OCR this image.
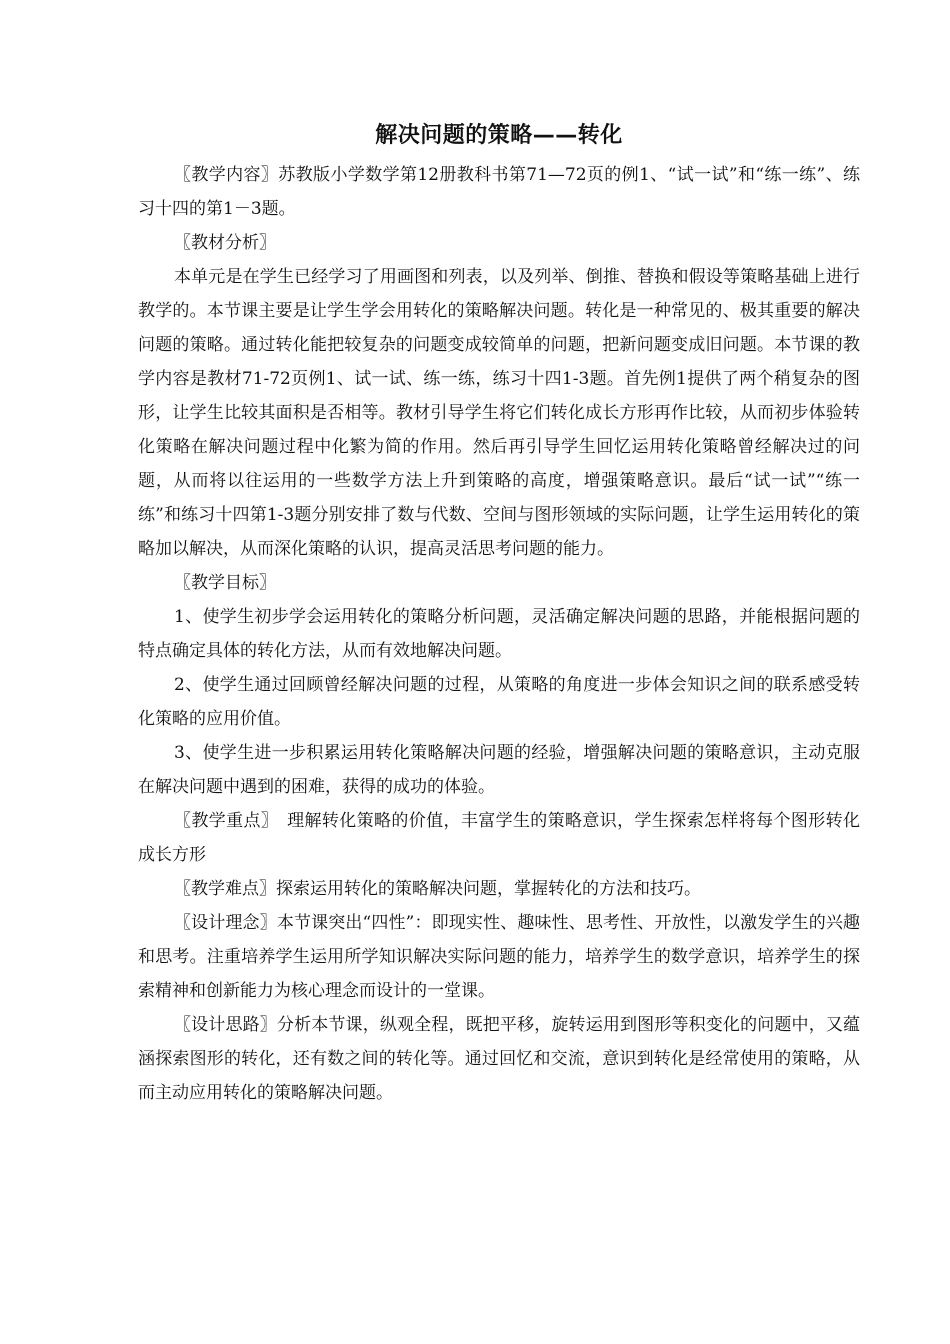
解决问题的策略——转化

〖教学内容〗苏教版小学数学第12册教科书第71—72页的例1、“试一试”和“练一练”、练习十四的第1－3题。

〖教材分析〗

本单元是在学生已经学习了用画图和列表，以及列举、倒推、替换和假设等策略基础上进行教学的。本节课主要是让学生学会用转化的策略解决问题。转化是一种常见的、极其重要的解决问题的策略。通过转化能把较复杂的问题变成较简单的问题，把新问题变成旧问题。本节课的教学内容是教材71-72页例1、试一试、练一练，练习十四1-3题。首先例1提供了两个稍复杂的图形，让学生比较其面积是否相等。教材引导学生将它们转化成长方形再作比较，从而初步体验转化策略在解决问题过程中化繁为简的作用。然后再引导学生回忆运用转化策略曾经解决过的问题，从而将以往运用的一些数学方法上升到策略的高度，增强策略意识。最后“试一试”“练一练”和练习十四第1-3题分别安排了数与代数、空间与图形领域的实际问题，让学生运用转化的策略加以解决，从而深化策略的认识，提高灵活思考问题的能力。

〖教学目标〗

1、使学生初步学会运用转化的策略分析问题，灵活确定解决问题的思路，并能根据问题的特点确定具体的转化方法，从而有效地解决问题。

2、使学生通过回顾曾经解决问题的过程，从策略的角度进一步体会知识之间的联系感受转化策略的应用价值。

3、使学生进一步积累运用转化策略解决问题的经验，增强解决问题的策略意识，主动克服在解决问题中遇到的困难，获得的成功的体验。

〖教学重点〗　理解转化策略的价值，丰富学生的策略意识，学生探索怎样将每个图形转化成长方形

〖教学难点〗探索运用转化的策略解决问题，掌握转化的方法和技巧。

〖设计理念〗本节课突出“四性”：即现实性、趣味性、思考性、开放性，以激发学生的兴趣和思考。注重培养学生运用所学知识解决实际问题的能力，培养学生的数学意识，培养学生的探索精神和创新能力为核心理念而设计的一堂课。

〖设计思路〗分析本节课，纵观全程，既把平移，旋转运用到图形等积变化的问题中，又蕴涵探索图形的转化，还有数之间的转化等。通过回忆和交流，意识到转化是经常使用的策略，从而主动应用转化的策略解决问题。
